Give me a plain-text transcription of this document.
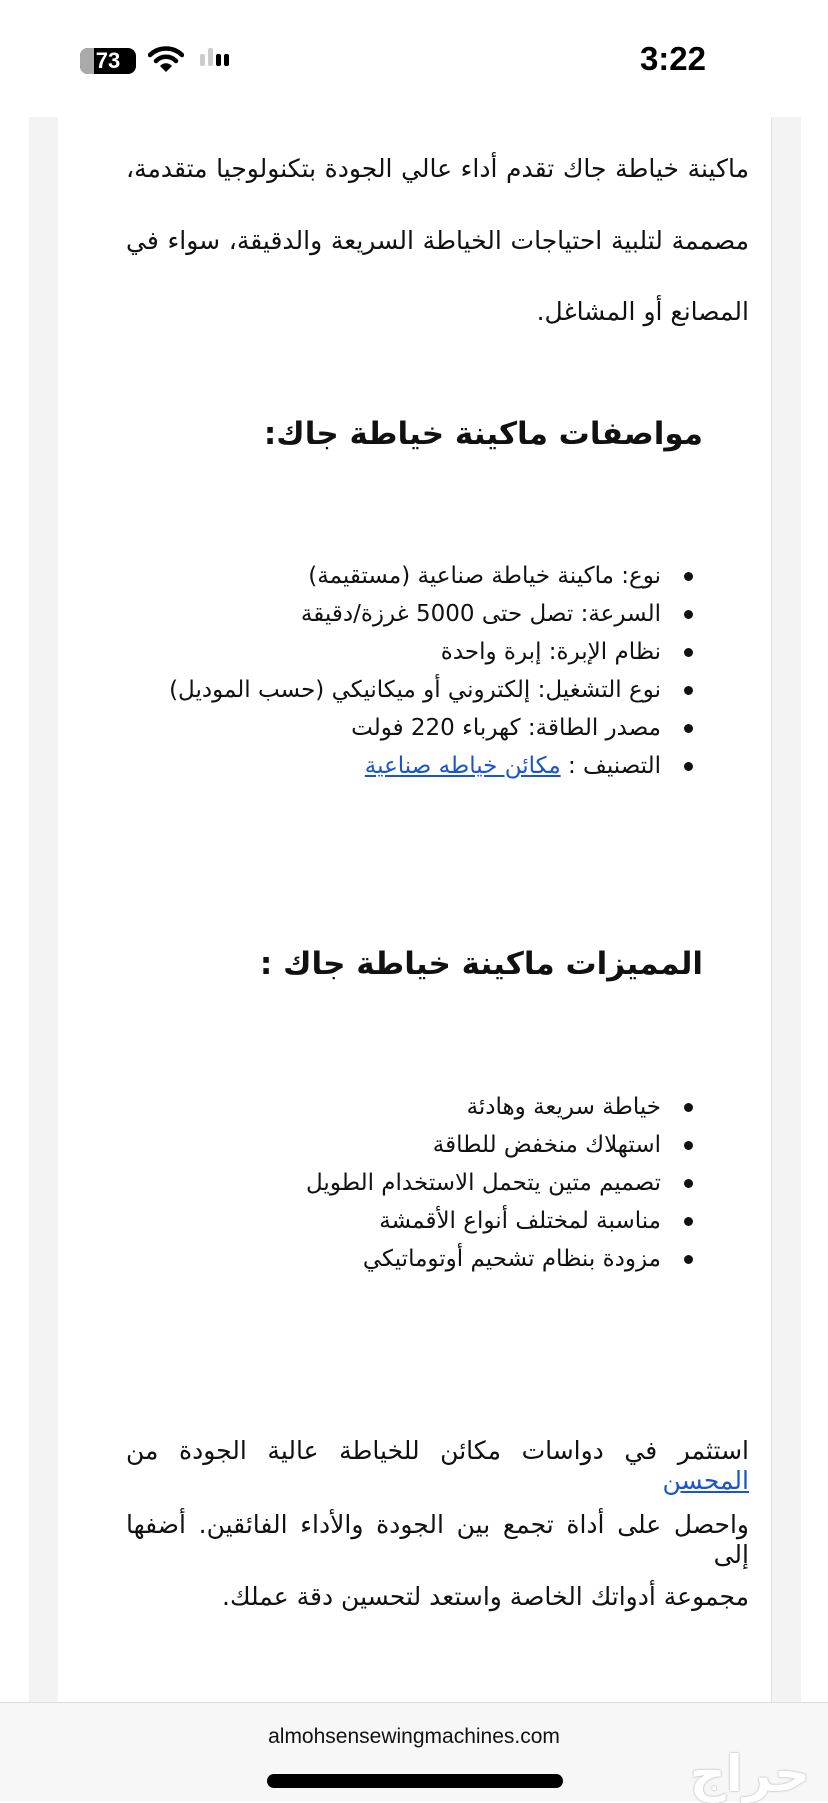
73	3:22
ماكينة خياطة جاك تقدم أداء عالي الجودة بتكنولوجيا متقدمة،
مصممة لتلبية احتياجات الخياطة السريعة والدقيقة، سواء في
المصانع أو المشاغل.
مواصفات ماكينة خياطة جاك:
نوع: ماكينة خياطة صناعية (مستقيمة)
السرعة: تصل حتى 5000 غرزة/دقيقة
نظام الإبرة: إبرة واحدة
نوع التشغيل: إلكتروني أو ميكانيكي (حسب الموديل)
مصدر الطاقة: كهرباء 220 فولت
التصنيف : مكائن خياطه صناعية
المميزات ماكينة خياطة جاك :
خياطة سريعة وهادئة
استهلاك منخفض للطاقة
تصميم متين يتحمل الاستخدام الطويل
مناسبة لمختلف أنواع الأقمشة
مزودة بنظام تشحيم أوتوماتيكي
استثمر في دواسات مكائن للخياطة عالية الجودة من المحسن
واحصل على أداة تجمع بين الجودة والأداء الفائقين. أضفها إلى
مجموعة أدواتك الخاصة واستعد لتحسين دقة عملك.
almohsensewingmachines.com
حراج
